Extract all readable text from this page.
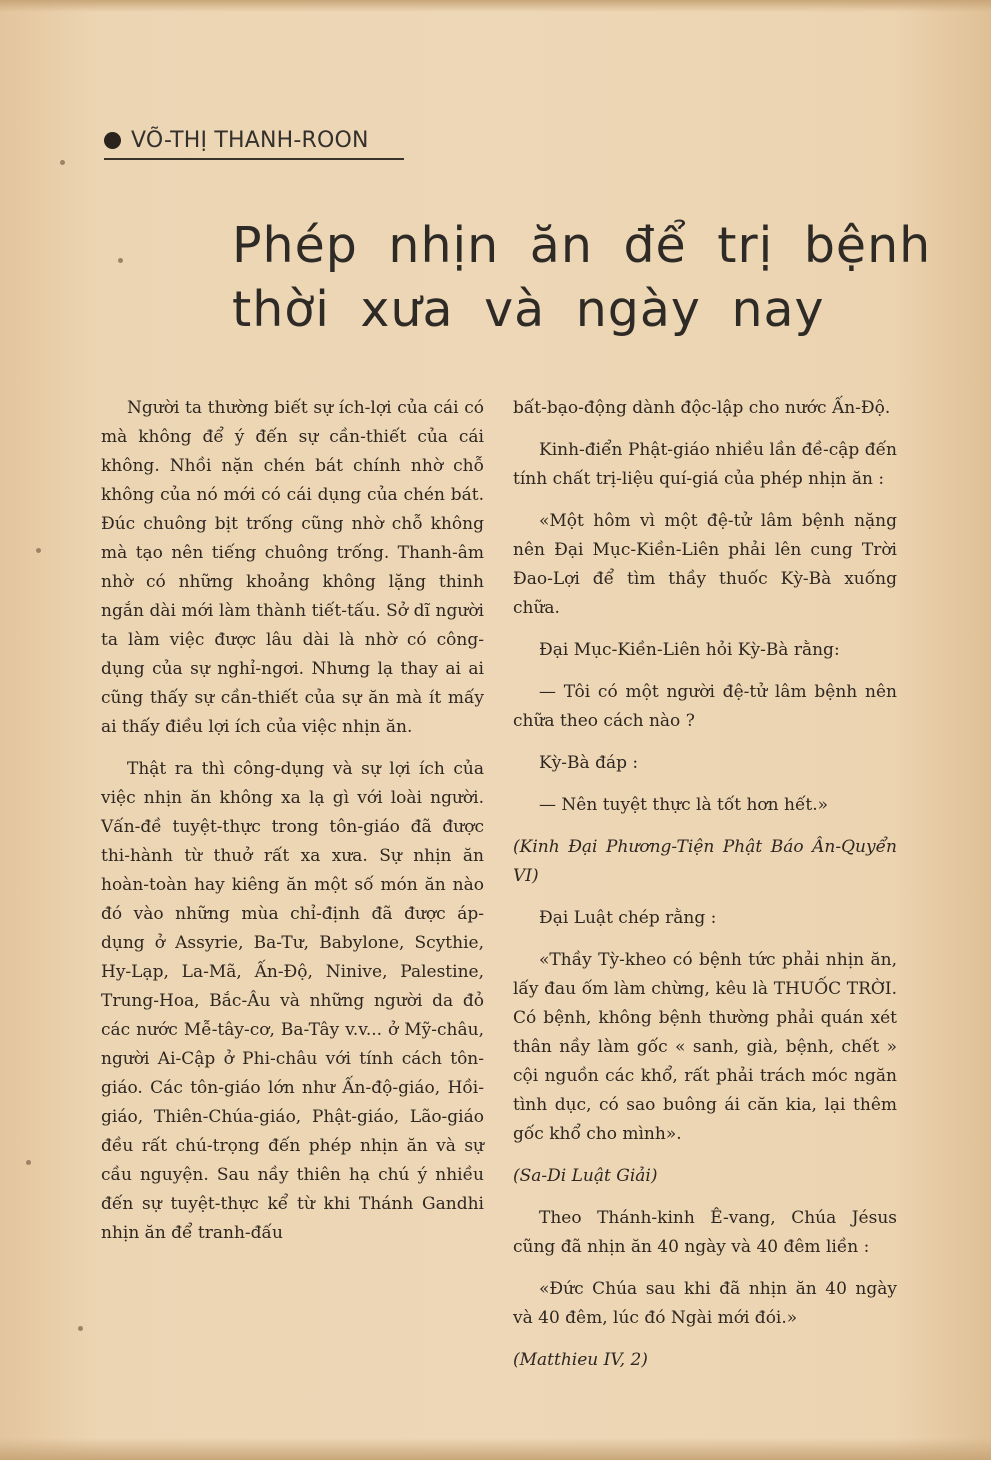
VÕ-THỊ THANH-ROON
Phép nhịn ăn để trị bệnh
thời xưa và ngày nay

Người ta thường biết sự ích-lợi của cái có mà không để ý đến sự cần-thiết của cái không. Nhồi nặn chén bát chính nhờ chỗ không của nó mới có cái dụng của chén bát. Đúc chuông bịt trống cũng nhờ chỗ không mà tạo nên tiếng chuông trống. Thanh-âm nhờ có những khoảng không lặng thinh ngắn dài mới làm thành tiết-tấu. Sở dĩ người ta làm việc được lâu dài là nhờ có công-dụng của sự nghỉ-ngơi. Nhưng lạ thay ai ai cũng thấy sự cần-thiết của sự ăn mà ít mấy ai thấy điều lợi ích của việc nhịn ăn.

Thật ra thì công-dụng và sự lợi ích của việc nhịn ăn không xa lạ gì với loài người. Vấn-đề tuyệt-thực trong tôn-giáo đã được thi-hành từ thuở rất xa xưa. Sự nhịn ăn hoàn-toàn hay kiêng ăn một số món ăn nào đó vào những mùa chỉ-định đã được áp-dụng ở Assyrie, Ba-Tư, Babylone, Scythie, Hy-Lạp, La-Mã, Ấn-Độ, Ninive, Palestine, Trung-Hoa, Bắc-Âu và những người da đỏ các nước Mễ-tây-cơ, Ba-Tây v.v... ở Mỹ-châu, người Ai-Cập ở Phi-châu với tính cách tôn-giáo. Các tôn-giáo lớn như Ấn-độ-giáo, Hồi-giáo, Thiên-Chúa-giáo, Phật-giáo, Lão-giáo đều rất chú-trọng đến phép nhịn ăn và sự cầu nguyện. Sau nầy thiên hạ chú ý nhiều đến sự tuyệt-thực kể từ khi Thánh Gandhi nhịn ăn để tranh-đấu

bất-bạo-động dành độc-lập cho nước Ấn-Độ.

Kinh-điển Phật-giáo nhiều lần đề-cập đến tính chất trị-liệu quí-giá của phép nhịn ăn :

«Một hôm vì một đệ-tử lâm bệnh nặng nên Đại Mục-Kiền-Liên phải lên cung Trời Đao-Lợi để tìm thầy thuốc Kỳ-Bà xuống chữa.

Đại Mục-Kiền-Liên hỏi Kỳ-Bà rằng:

— Tôi có một người đệ-tử lâm bệnh nên chữa theo cách nào ?

Kỳ-Bà đáp :

— Nên tuyệt thực là tốt hơn hết.»

(Kinh Đại Phương-Tiện Phật Báo Ân-Quyển VI)

Đại Luật chép rằng :

«Thầy Tỳ-kheo có bệnh tức phải nhịn ăn, lấy đau ốm làm chừng, kêu là THUỐC TRỜI. Có bệnh, không bệnh thường phải quán xét thân nầy làm gốc « sanh, già, bệnh, chết » cội nguồn các khổ, rất phải trách móc ngăn tình dục, có sao buông ái căn kia, lại thêm gốc khổ cho mình».

(Sa-Di Luật Giải)

Theo Thánh-kinh Ê-vang, Chúa Jésus cũng đã nhịn ăn 40 ngày và 40 đêm liền :

«Đức Chúa sau khi đã nhịn ăn 40 ngày và 40 đêm, lúc đó Ngài mới đói.»

(Matthieu IV, 2)
